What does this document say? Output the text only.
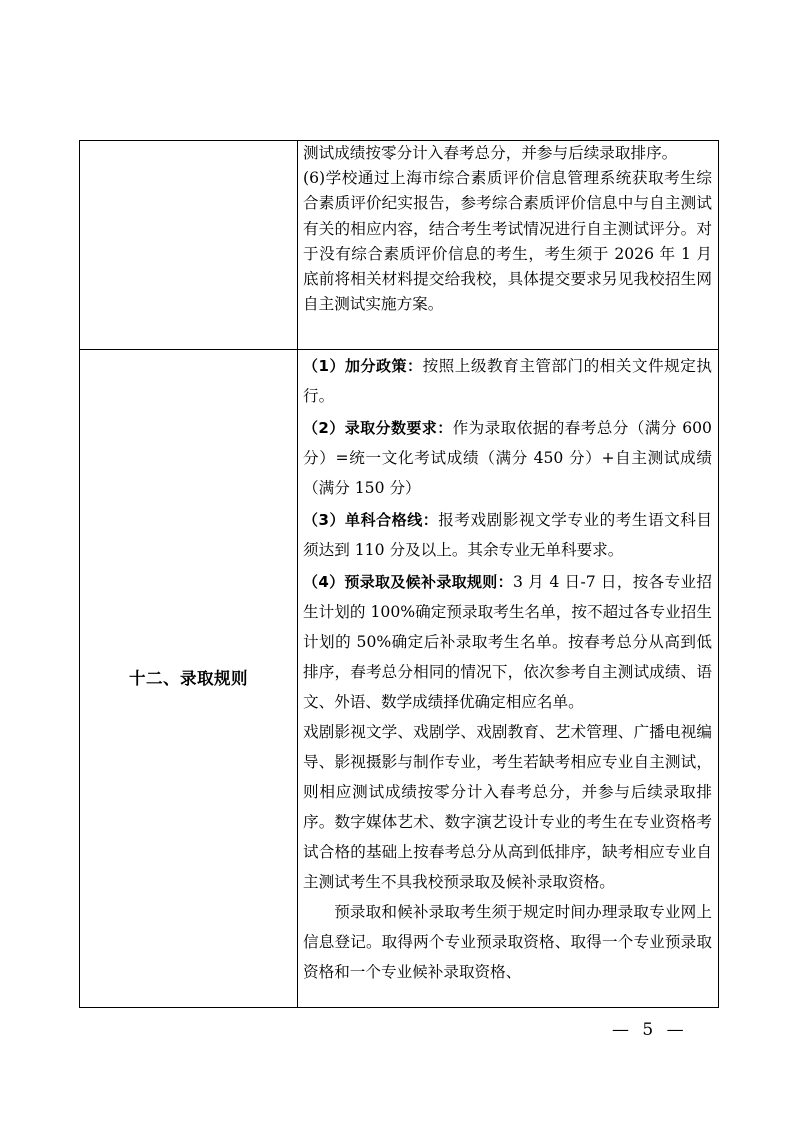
测试成绩按零分计入春考总分，并参与后续录取排序。

(6)学校通过上海市综合素质评价信息管理系统获取考生综合素质评价纪实报告，参考综合素质评价信息中与自主测试有关的相应内容，结合考生考试情况进行自主测试评分。对于没有综合素质评价信息的考生，考生须于 2026 年 1 月底前将相关材料提交给我校，具体提交要求另见我校招生网自主测试实施方案。

十二、录取规则

（1）加分政策：按照上级教育主管部门的相关文件规定执行。

（2）录取分数要求：作为录取依据的春考总分（满分 600 分）=统一文化考试成绩（满分 450 分）+自主测试成绩（满分 150 分）

（3）单科合格线：报考戏剧影视文学专业的考生语文科目须达到 110 分及以上。其余专业无单科要求。

（4）预录取及候补录取规则：3 月 4 日-7 日，按各专业招生计划的 100%确定预录取考生名单，按不超过各专业招生计划的 50%确定后补录取考生名单。按春考总分从高到低排序，春考总分相同的情况下，依次参考自主测试成绩、语文、外语、数学成绩择优确定相应名单。

戏剧影视文学、戏剧学、戏剧教育、艺术管理、广播电视编导、影视摄影与制作专业，考生若缺考相应专业自主测试，则相应测试成绩按零分计入春考总分，并参与后续录取排序。数字媒体艺术、数字演艺设计专业的考生在专业资格考试合格的基础上按春考总分从高到低排序，缺考相应专业自主测试考生不具我校预录取及候补录取资格。

预录取和候补录取考生须于规定时间办理录取专业网上信息登记。取得两个专业预录取资格、取得一个专业预录取资格和一个专业候补录取资格、

— 5 —
